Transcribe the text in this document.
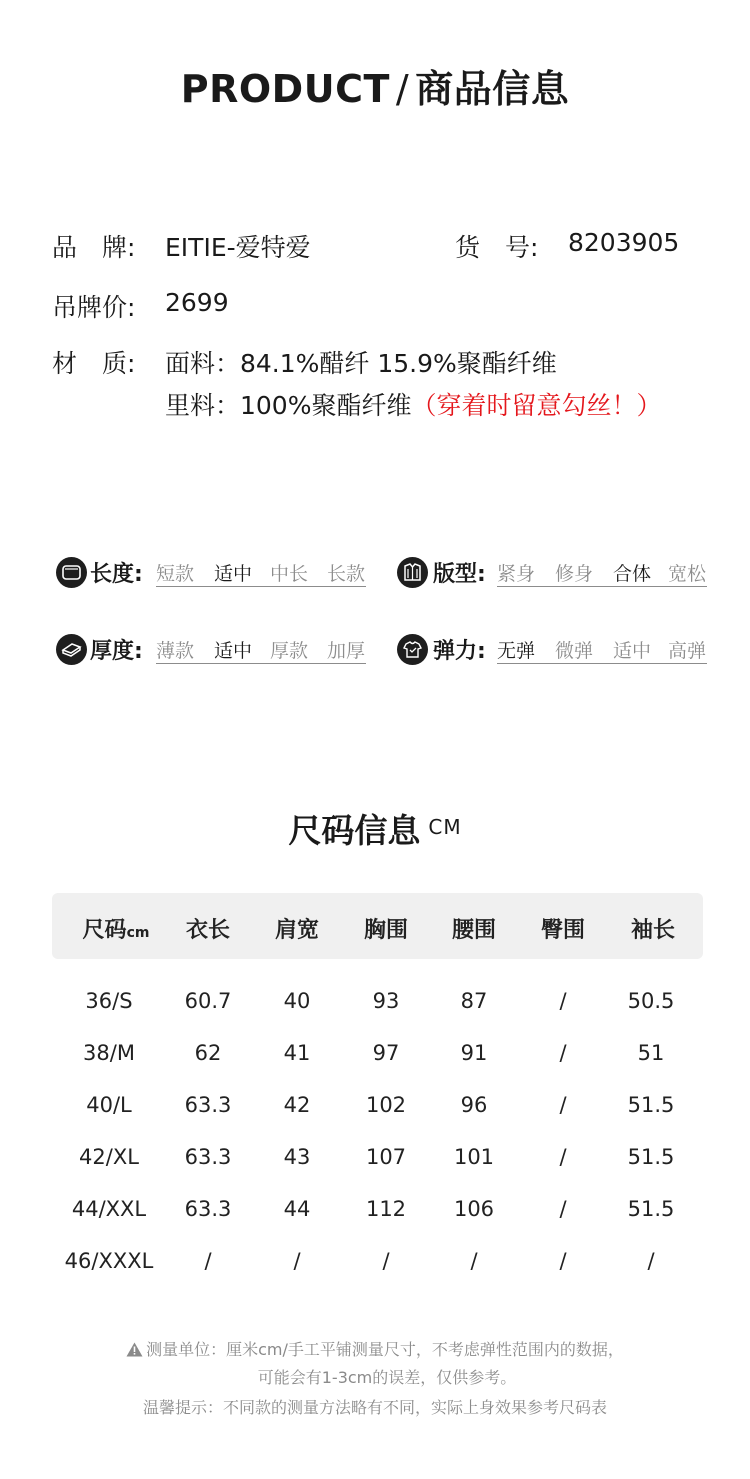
PRODUCT / 商品信息
品　牌: EITIE-爱特爱	货　号: 8203905
吊牌价: 2699
材　质: 面料：84.1%醋纤 15.9%聚酯纤维
里料：100%聚酯纤维（穿着时留意勾丝！）
长度: 短款 适中 中长 长款	版型: 紧身 修身 合体 宽松
厚度: 薄款 适中 厚款 加厚	弹力: 无弹 微弹 适中 高弹
尺码信息 CM
尺码cm	衣长	肩宽	胸围	腰围	臀围	袖长
36/S	60.7	40	93	87	/	50.5
38/M	62	41	97	91	/	51
40/L	63.3	42	102	96	/	51.5
42/XL	63.3	43	107	101	/	51.5
44/XXL	63.3	44	112	106	/	51.5
46/XXXL	/	/	/	/	/	/
测量单位：厘米cm/手工平铺测量尺寸，不考虑弹性范围内的数据，
可能会有1-3cm的误差，仅供参考。
温馨提示：不同款的测量方法略有不同，实际上身效果参考尺码表
